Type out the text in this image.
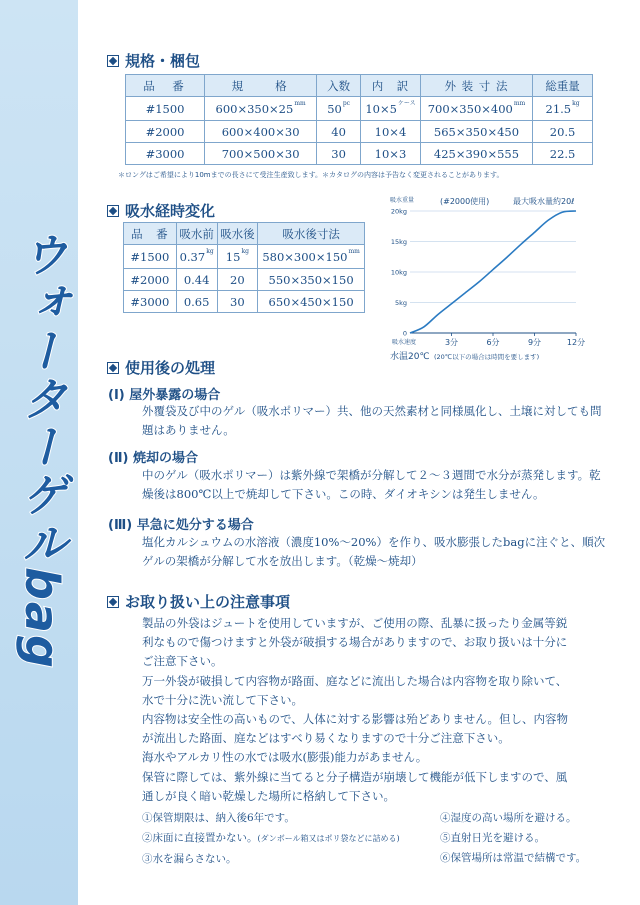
ウォーターゲルbag
規格・梱包
品　番	規　　格	入数	内　訳	外 装 寸 法	総重量
#1500	$600\times 350\times 25^{mm}$	$50^{pc}$	$10\times 5^{ケース}$	$700\times 350\times 400^{mm}$	$21.5^{kg}$
#2000	600×400×30	40	10×4	565×350×450	20.5
#3000	700×500×30	30	10×3	425×390×555	22.5
＊ロングはご希望により10mまでの長さにて受注生産致します。＊カタログの内容は予告なく変更されることがあります。
吸水経時変化
品　番	吸水前	吸水後	吸水後寸法
#1500	$0.37^{kg}$	$15^{kg}$	$580\times 300\times 150^{mm}$
#2000	0.44	20	550×350×150
#3000	0.65	30	650×450×150
吸水重量	(#2000使用)	最大吸水量約20ℓ
0
5kg
10kg
15kg
20kg
3分	6分	9分	12分
吸水速度
水温20℃ (20℃以下の場合は時間を要します)
使用後の処理
(Ⅰ) 屋外暴露の場合
外覆袋及び中のゲル（吸水ポリマー）共、他の天然素材と同様風化し、土壌に対しても問題はありません。
(Ⅱ) 焼却の場合
中のゲル（吸水ポリマー）は紫外線で架橋が分解して２～３週間で水分が蒸発します。乾燥後は800℃以上で焼却して下さい。この時、ダイオキシンは発生しません。
(Ⅲ) 早急に処分する場合
塩化カルシュウムの水溶液（濃度10%～20%）を作り、吸水膨張したbagに注ぐと、順次ゲルの架橋が分解して水を放出します。（乾燥～焼却）
お取り扱い上の注意事項

製品の外袋はジュートを使用していますが、ご使用の際、乱暴に扱ったり金属等鋭

利なもので傷つけますと外袋が破損する場合がありますので、お取り扱いは十分に

ご注意下さい。

万一外袋が破損して内容物が路面、庭などに流出した場合は内容物を取り除いて、

水で十分に洗い流して下さい。

内容物は安全性の高いもので、人体に対する影響は殆どありません。但し、内容物

が流出した路面、庭などはすべり易くなりますので十分ご注意下さい。

海水やアルカリ性の水では吸水(膨張)能力があません。

保管に際しては、紫外線に当てると分子構造が崩壊して機能が低下しますので、風

通しが良く暗い乾燥した場所に格納して下さい。

①保管期限は、納入後6年です。
②床面に直接置かない。(ダンボール箱又はポリ袋などに詰める)
③水を漏らさない。
④湿度の高い場所を避ける。
⑤直射日光を避ける。
⑥保管場所は常温で結構です。
